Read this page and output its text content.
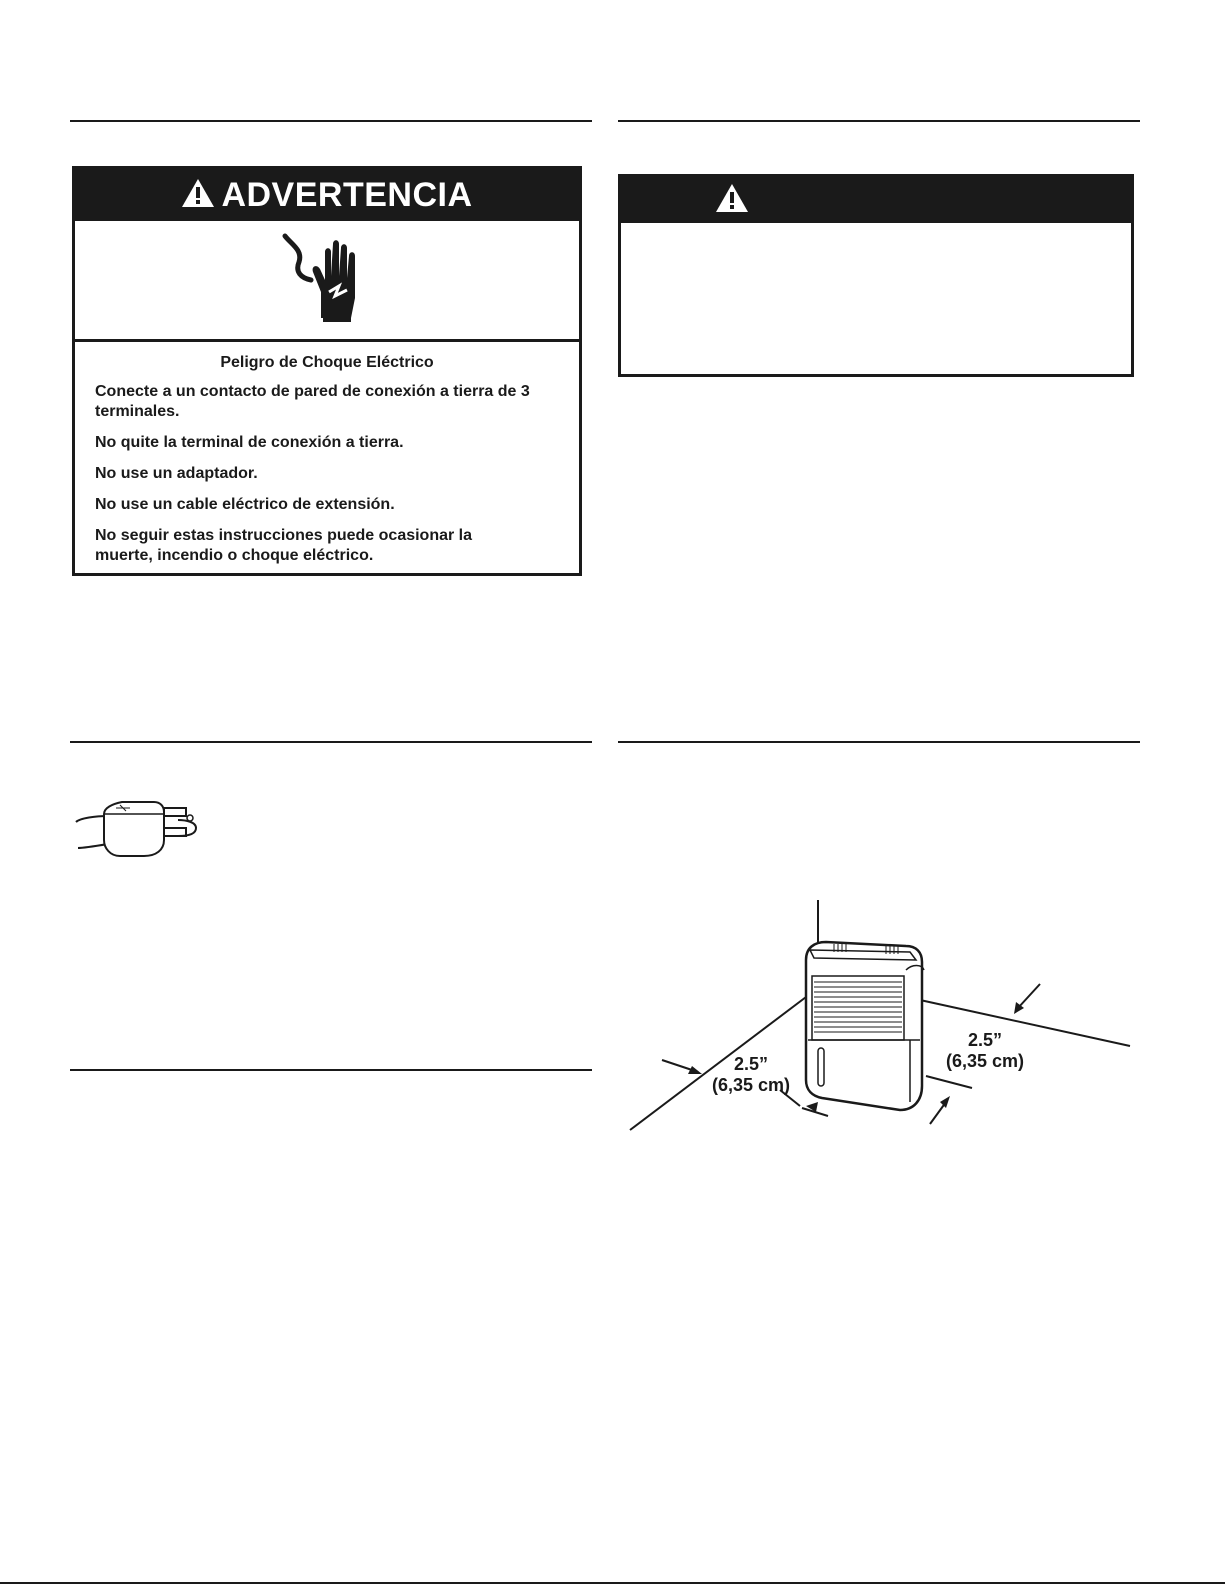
ADVERTENCIA

Peligro de Choque Eléctrico

Conecte a un contacto de pared de conexión a tierra de 3 terminales.

No quite la terminal de conexión a tierra.

No use un adaptador.

No use un cable eléctrico de extensión.

No seguir estas instrucciones puede ocasionar la muerte, incendio o choque eléctrico.

2.5”
(6,35 cm)
2.5”
(6,35 cm)
